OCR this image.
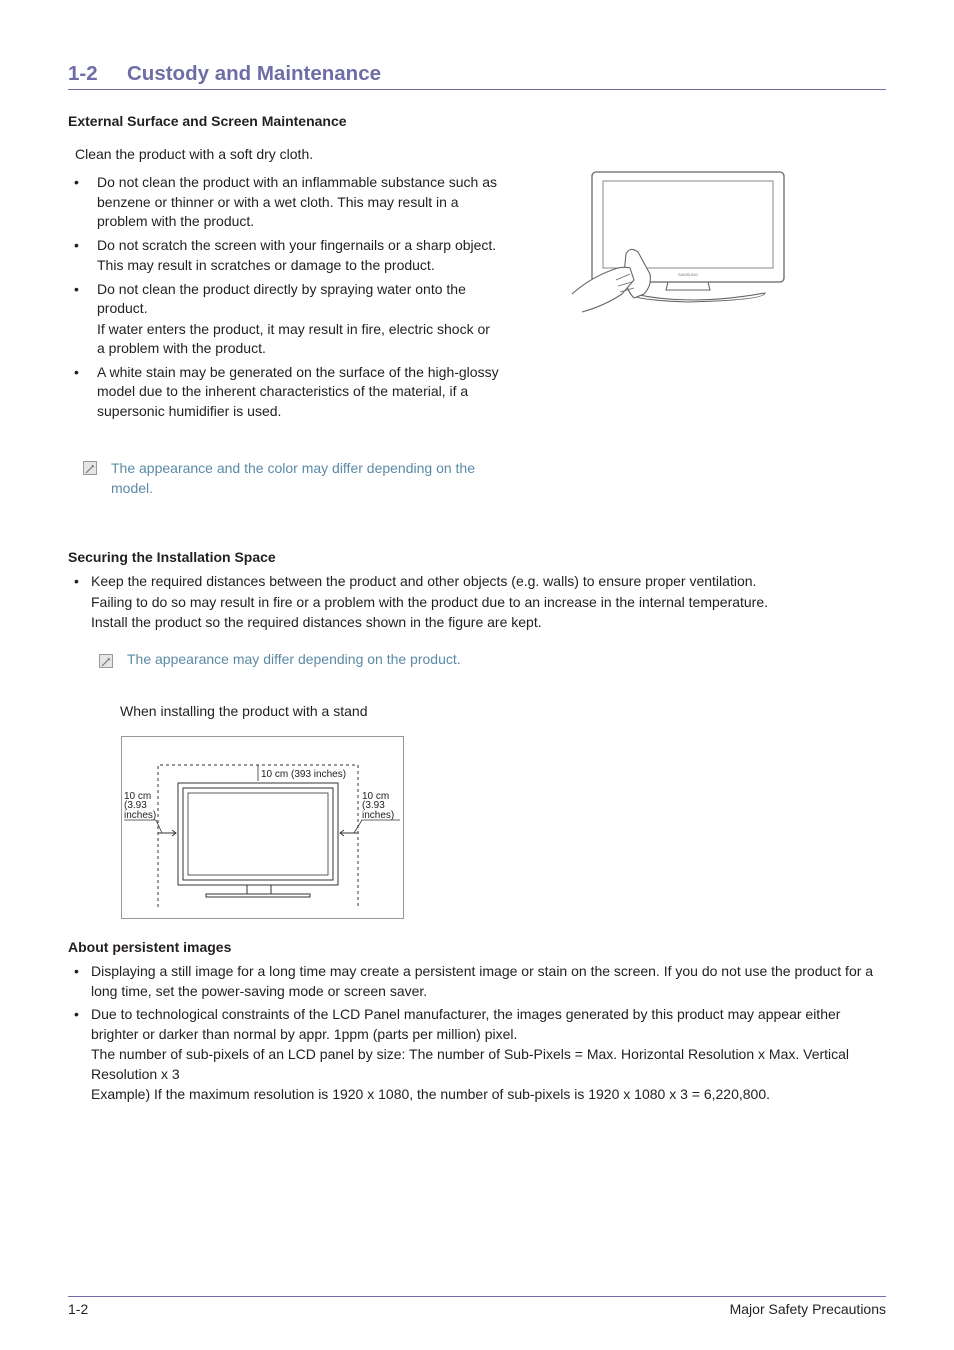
1-2 Custody and Maintenance
External Surface and Screen Maintenance
Clean the product with a soft dry cloth.
• Do not clean the product with an inflammable substance such as benzene or thinner or with a wet cloth. This may result in a problem with the product.
• Do not scratch the screen with your fingernails or a sharp object.
This may result in scratches or damage to the product.
• Do not clean the product directly by spraying water onto the product.
If water enters the product, it may result in fire, electric shock or a problem with the product.
• A white stain may be generated on the surface of the high-glossy model due to the inherent characteristics of the material, if a supersonic humidifier is used.
The appearance and the color may differ depending on the model.
SAMSUNG
Securing the Installation Space
• Keep the required distances between the product and other objects (e.g. walls) to ensure proper ventilation.
Failing to do so may result in fire or a problem with the product due to an increase in the internal temperature.
Install the product so the required distances shown in the figure are kept.
The appearance may differ depending on the product.
When installing the product with a stand
10 cm (393 inches)
10 cm
(3.93
inches)
10 cm
(3.93
inches)
About persistent images
• Displaying a still image for a long time may create a persistent image or stain on the screen. If you do not use the product for a long time, set the power-saving mode or screen saver.
• Due to technological constraints of the LCD Panel manufacturer, the images generated by this product may appear either brighter or darker than normal by appr. 1ppm (parts per million) pixel.
The number of sub-pixels of an LCD panel by size: The number of Sub-Pixels = Max. Horizontal Resolution x Max. Vertical Resolution x 3
Example) If the maximum resolution is 1920 x 1080, the number of sub-pixels is 1920 x 1080 x 3 = 6,220,800.
1-2	Major Safety Precautions
